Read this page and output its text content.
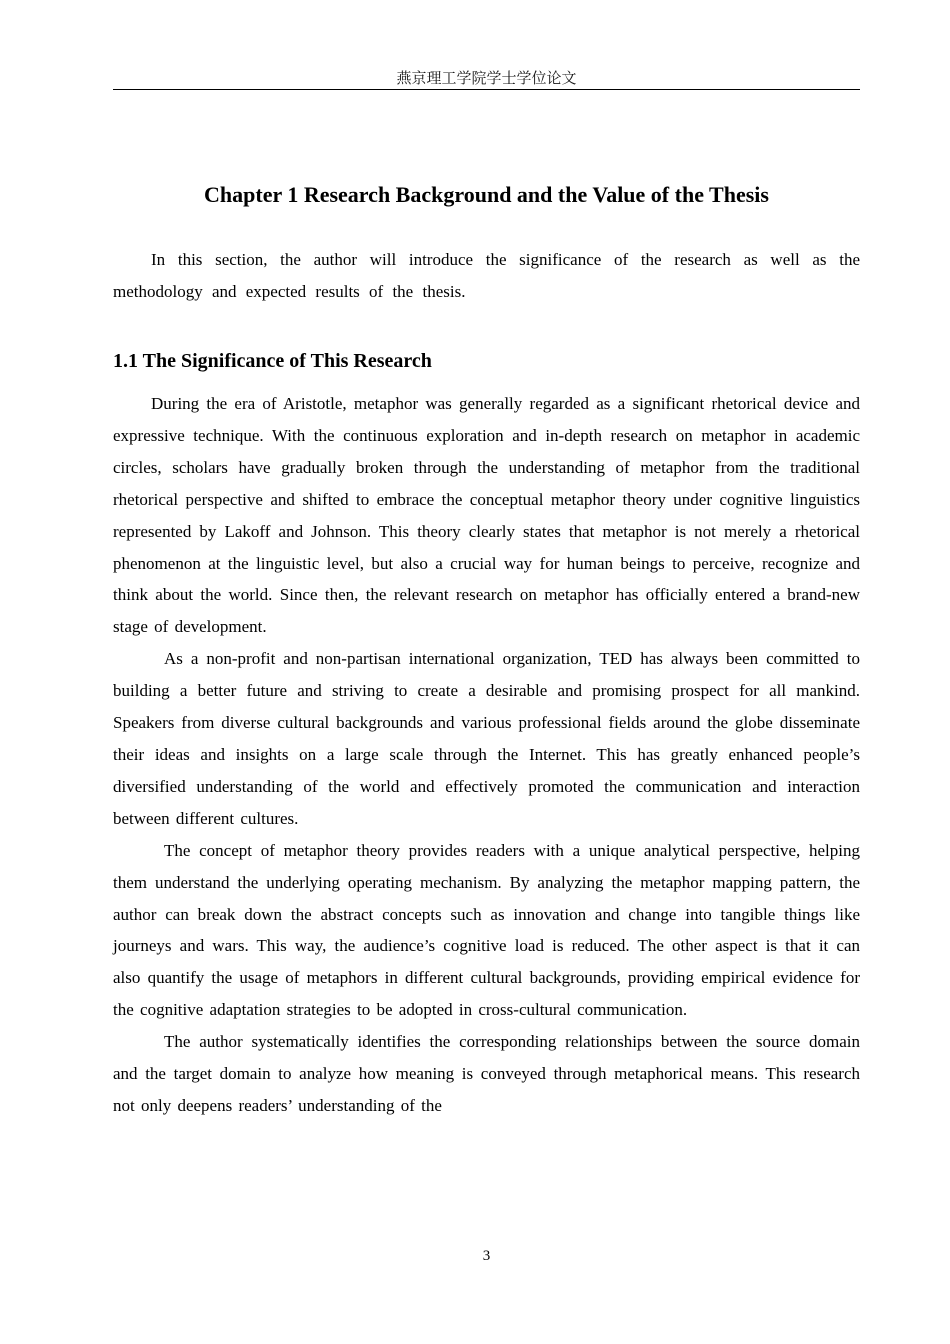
燕京理工学院学士学位论文
Chapter 1 Research Background and the Value of the Thesis

In this section, the author will introduce the significance of the research as well as the methodology and expected results of the thesis.

1.1 The Significance of This Research

During the era of Aristotle, metaphor was generally regarded as a significant rhetorical device and expressive technique. With the continuous exploration and in-depth research on metaphor in academic circles, scholars have gradually broken through the understanding of metaphor from the traditional rhetorical perspective and shifted to embrace the conceptual metaphor theory under cognitive linguistics represented by Lakoff and Johnson. This theory clearly states that metaphor is not merely a rhetorical phenomenon at the linguistic level, but also a crucial way for human beings to perceive, recognize and think about the world. Since then, the relevant research on metaphor has officially entered a brand-new stage of development.

As a non-profit and non-partisan international organization, TED has always been committed to building a better future and striving to create a desirable and promising prospect for all mankind. Speakers from diverse cultural backgrounds and various professional fields around the globe disseminate their ideas and insights on a large scale through the Internet. This has greatly enhanced people’s diversified understanding of the world and effectively promoted the communication and interaction between different cultures.

The concept of metaphor theory provides readers with a unique analytical perspective, helping them understand the underlying operating mechanism. By analyzing the metaphor mapping pattern, the author can break down the abstract concepts such as innovation and change into tangible things like journeys and wars. This way, the audience’s cognitive load is reduced. The other aspect is that it can also quantify the usage of metaphors in different cultural backgrounds, providing empirical evidence for the cognitive adaptation strategies to be adopted in cross-cultural communication.

The author systematically identifies the corresponding relationships between the source domain and the target domain to analyze how meaning is conveyed through metaphorical means. This research not only deepens readers’ understanding of the

3
